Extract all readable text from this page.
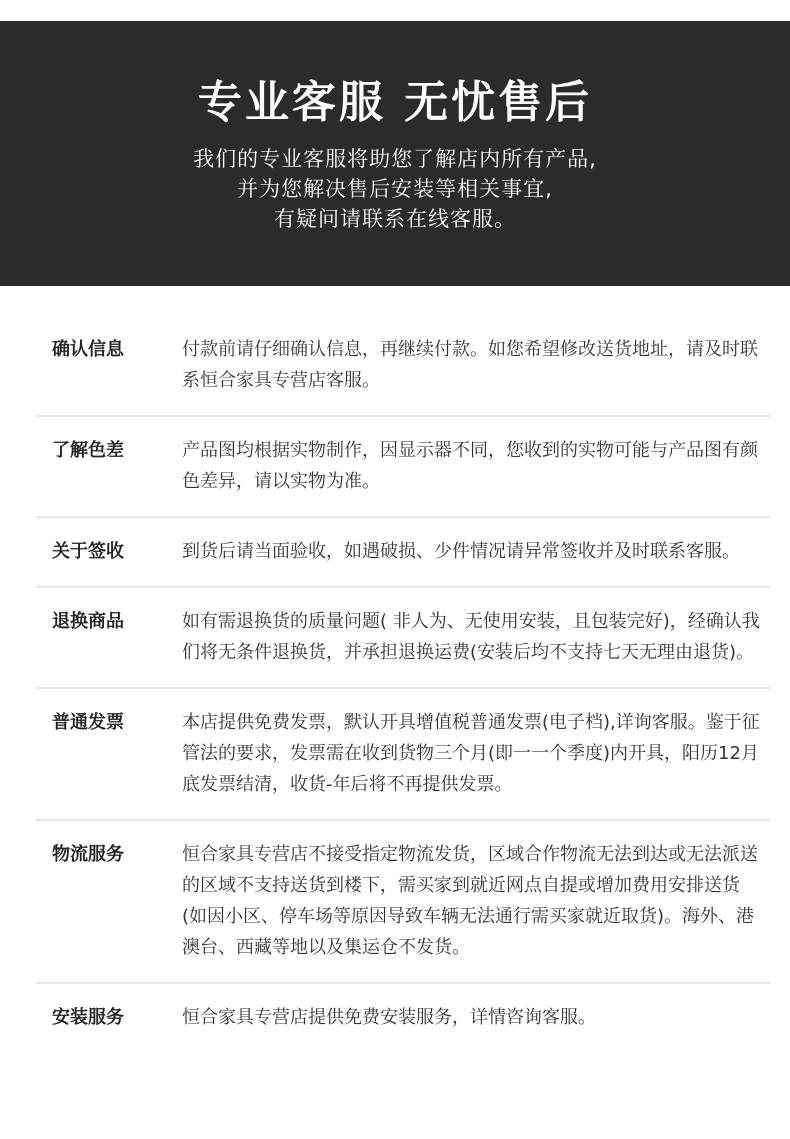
专业客服 无忧售后

我们的专业客服将助您了解店内所有产品,

并为您解决售后安装等相关事宜,

有疑问请联系在线客服。

确认信息	付款前请仔细确认信息，再继续付款。如您希望修改送货地址，请及时联系恒合家具专营店客服。
了解色差	产品图均根据实物制作，因显示器不同，您收到的实物可能与产品图有颜色差异，请以实物为准。
关于签收	到货后请当面验收，如遇破损、少件情况请异常签收并及时联系客服。
退换商品	如有需退换货的质量问题( 非人为、无使用安装，且包装完好)，经确认我们将无条件退换货，并承担退换运费(安装后均不支持七天无理由退货)。
普通发票	本店提供免费发票，默认开具增值税普通发票(电子档),详询客服。鉴于征管法的要求，发票需在收到货物三个月(即一一个季度)内开具，阳历12月底发票结清，收货-年后将不再提供发票。
物流服务	恒合家具专营店不接受指定物流发货，区域合作物流无法到达或无法派送的区域不支持送货到楼下，需买家到就近网点自提或增加费用安排送货(如因小区、停车场等原因导致车辆无法通行需买家就近取货)。海外、港澳台、西藏等地以及集运仓不发货。
安装服务	恒合家具专营店提供免费安装服务，详情咨询客服。
